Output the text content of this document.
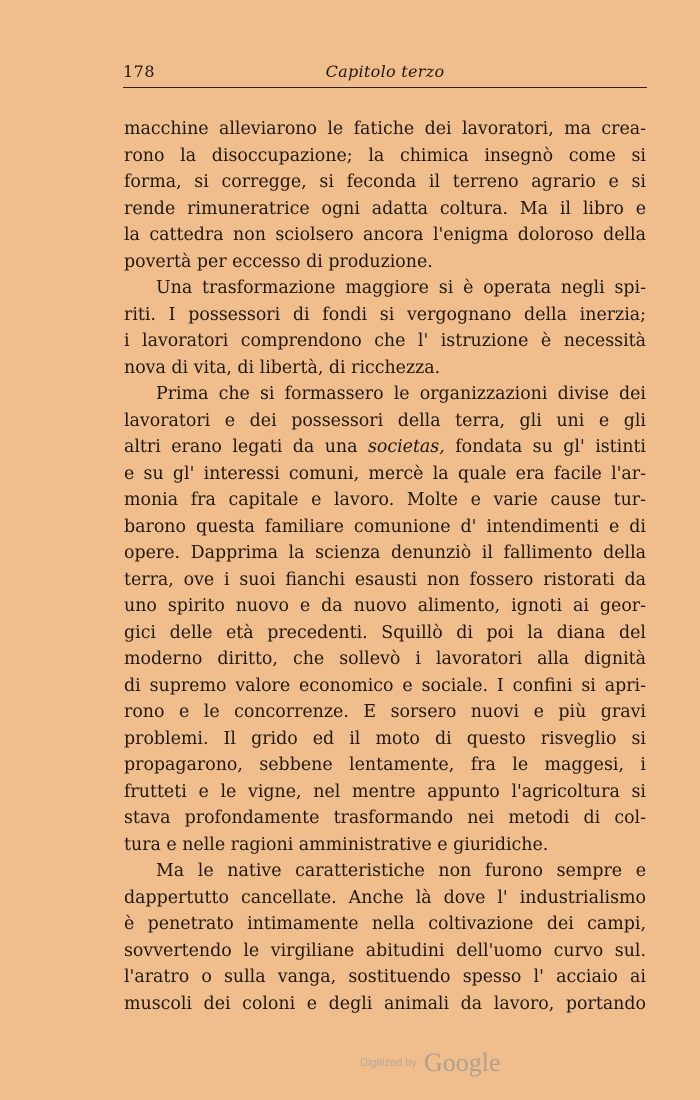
178	Capitolo terzo
macchine alleviarono le fatiche dei lavoratori, ma crea-
rono la disoccupazione; la chimica insegnò come si
forma, si corregge, si feconda il terreno agrario e si
rende rimuneratrice ogni adatta coltura. Ma il libro e
la cattedra non sciolsero ancora l'enigma doloroso della
povertà per eccesso di produzione.
Una trasformazione maggiore si è operata negli spi-
riti. I possessori di fondi si vergognano della inerzia;
i lavoratori comprendono che l' istruzione è necessità
nova di vita, di libertà, di ricchezza.
Prima che si formassero le organizzazioni divise dei
lavoratori e dei possessori della terra, gli uni e gli
altri erano legati da una societas, fondata su gl' istinti
e su gl' interessi comuni, mercè la quale era facile l'ar-
monia fra capitale e lavoro. Molte e varie cause tur-
barono questa familiare comunione d' intendimenti e di
opere. Dapprima la scienza denunziò il fallimento della
terra, ove i suoi fianchi esausti non fossero ristorati da
uno spirito nuovo e da nuovo alimento, ignoti ai geor-
gici delle età precedenti. Squillò di poi la diana del
moderno diritto, che sollevò i lavoratori alla dignità
di supremo valore economico e sociale. I confini si apri-
rono e le concorrenze. E sorsero nuovi e più gravi
problemi. Il grido ed il moto di questo risveglio si
propagarono, sebbene lentamente, fra le maggesi, i
frutteti e le vigne, nel mentre appunto l'agricoltura si
stava profondamente trasformando nei metodi di col-
tura e nelle ragioni amministrative e giuridiche.
Ma le native caratteristiche non furono sempre e
dappertutto cancellate. Anche là dove l' industrialismo
è penetrato intimamente nella coltivazione dei campi,
sovvertendo le virgiliane abitudini dell'uomo curvo sul.
l'aratro o sulla vanga, sostituendo spesso l' acciaio ai
muscoli dei coloni e degli animali da lavoro, portando
Digitized by Google
